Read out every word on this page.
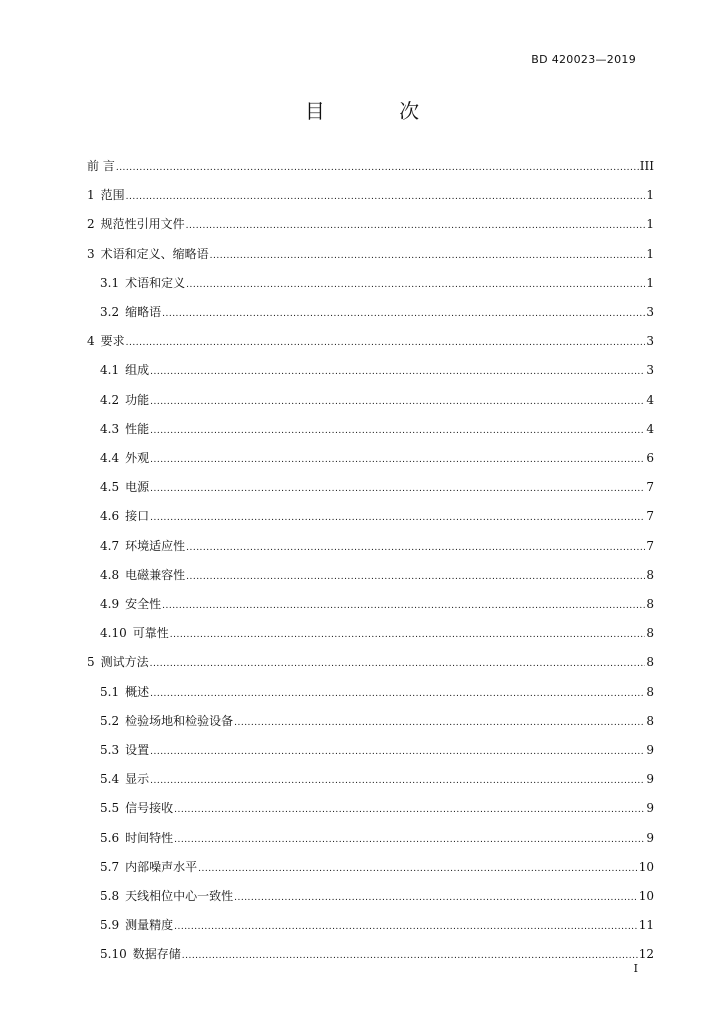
BD 420023—2019
目 次
前 言 .....	III
1 范围 .....	1
2 规范性引用文件 .....	1
3 术语和定义、缩略语 .....	1
3.1 术语和定义 .....	1
3.2 缩略语 .....	3
4 要求 .....	3
4.1 组成 .....	3
4.2 功能 .....	4
4.3 性能 .....	4
4.4 外观 .....	6
4.5 电源 .....	7
4.6 接口 .....	7
4.7 环境适应性 .....	7
4.8 电磁兼容性 .....	8
4.9 安全性 .....	8
4.10 可靠性 .....	8
5 测试方法 .....	8
5.1 概述 .....	8
5.2 检验场地和检验设备 .....	8
5.3 设置 .....	9
5.4 显示 .....	9
5.5 信号接收 .....	9
5.6 时间特性 .....	9
5.7 内部噪声水平 .....	10
5.8 天线相位中心一致性 .....	10
5.9 测量精度 .....	11
5.10 数据存储 .....	12
I
